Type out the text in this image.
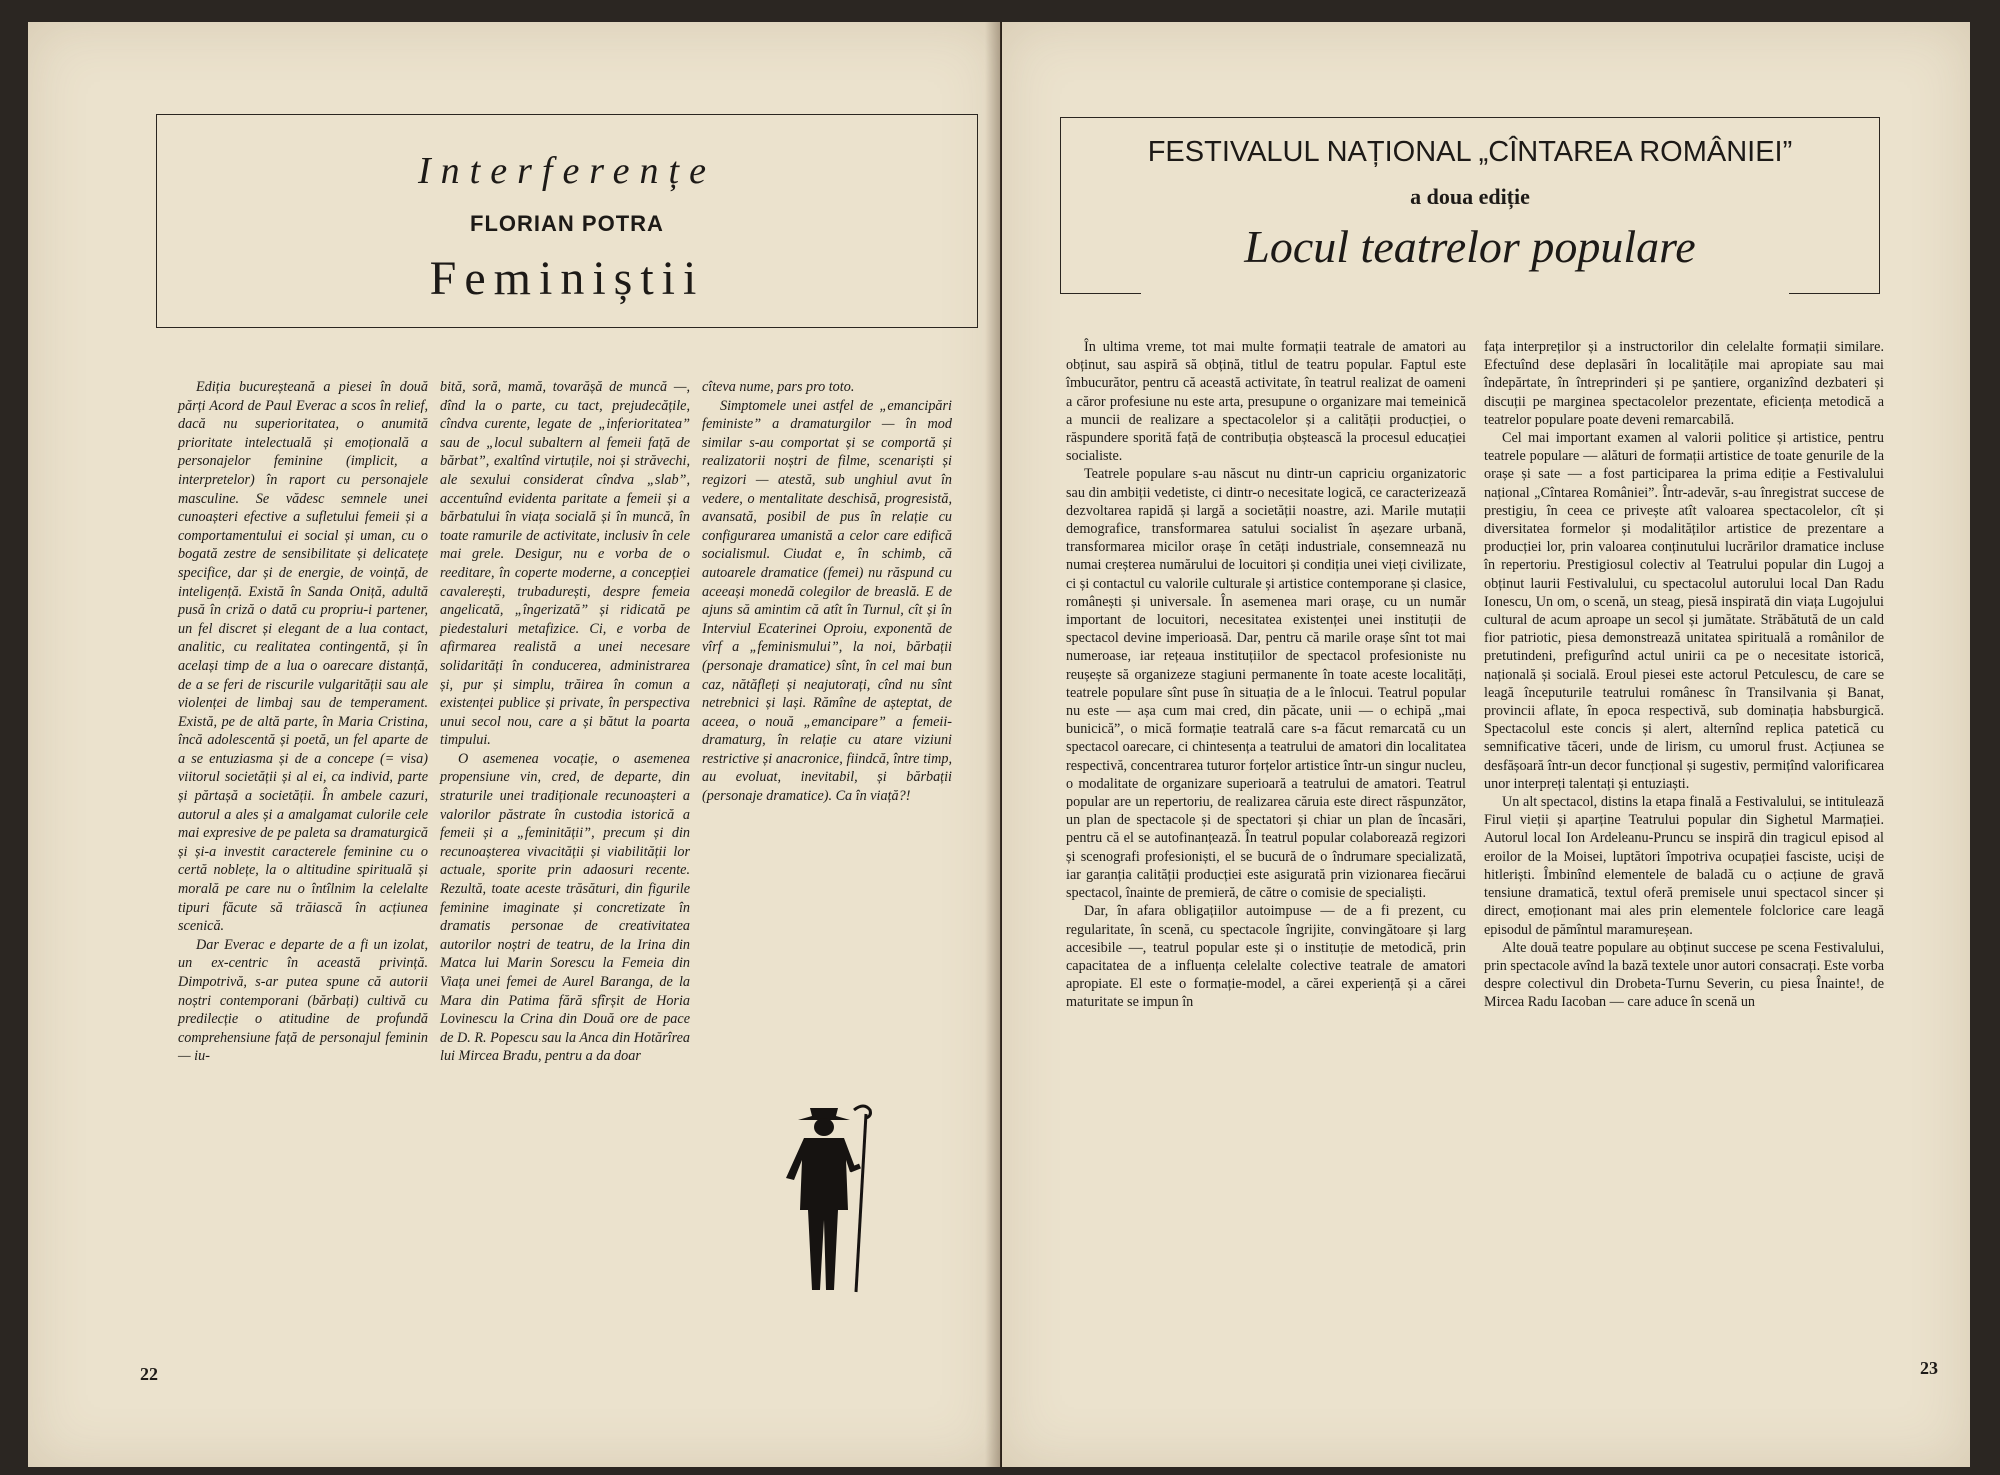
Interferențe
FLORIAN POTRA
Feminiștii

Ediția bucureșteană a piesei în două părți Acord de Paul Everac a scos în relief, dacă nu superioritatea, o anumită prioritate intelectuală și emoțională a personajelor feminine (implicit, a interpretelor) în raport cu personajele masculine. Se vădesc semnele unei cunoașteri efective a sufletului femeii și a comportamentului ei social și uman, cu o bogată zestre de sensibilitate și delicatețe specifice, dar și de energie, de voință, de inteligență. Există în Sanda Oniță, adultă pusă în criză o dată cu propriu-i partener, un fel discret și elegant de a lua contact, analitic, cu realitatea contingentă, și în același timp de a lua o oarecare distanță, de a se feri de riscurile vulgarității sau ale violenței de limbaj sau de temperament. Există, pe de altă parte, în Maria Cristina, încă adolescentă și poetă, un fel aparte de a se entuziasma și de a concepe (= visa) viitorul societății și al ei, ca individ, parte și părtașă a societății. În ambele cazuri, autorul a ales și a amalgamat culorile cele mai expresive de pe paleta sa dramaturgică și și-a investit caracterele feminine cu o certă noblețe, la o altitudine spirituală și morală pe care nu o întîlnim la celelalte tipuri făcute să trăiască în acțiunea scenică.

Dar Everac e departe de a fi un izolat, un ex-centric în această privință. Dimpotrivă, s-ar putea spune că autorii noștri contemporani (bărbați) cultivă cu predilecție o atitudine de profundă comprehensiune față de personajul feminin — iu-

bită, soră, mamă, tovarășă de muncă —, dînd la o parte, cu tact, prejudecățile, cîndva curente, legate de „inferioritatea” sau de „locul subaltern al femeii față de bărbat”, exaltînd virtuțile, noi și străvechi, ale sexului considerat cîndva „slab”, accentuînd evidenta paritate a femeii și a bărbatului în viața socială și în muncă, în toate ramurile de activitate, inclusiv în cele mai grele. Desigur, nu e vorba de o reeditare, în coperte moderne, a concepției cavalerești, trubadurești, despre femeia angelicată, „îngerizată” și ridicată pe piedestaluri metafizice. Ci, e vorba de afirmarea realistă a unei necesare solidarități în conducerea, administrarea și, pur și simplu, trăirea în comun a existenței publice și private, în perspectiva unui secol nou, care a și bătut la poarta timpului.

O asemenea vocație, o asemenea propensiune vin, cred, de departe, din straturile unei tradiționale recunoașteri a valorilor păstrate în custodia istorică a femeii și a „feminității”, precum și din recunoașterea vivacității și viabilității lor actuale, sporite prin adaosuri recente. Rezultă, toate aceste trăsături, din figurile feminine imaginate și concretizate în dramatis personae de creativitatea autorilor noștri de teatru, de la Irina din Matca lui Marin Sorescu la Femeia din Viața unei femei de Aurel Baranga, de la Mara din Patima fără sfîrșit de Horia Lovinescu la Crina din Două ore de pace de D. R. Popescu sau la Anca din Hotărîrea lui Mircea Bradu, pentru a da doar

cîteva nume, pars pro toto.

Simptomele unei astfel de „emancipări feministe” a dramaturgilor — în mod similar s-au comportat și se comportă și realizatorii noștri de filme, scenariști și regizori — atestă, sub unghiul avut în vedere, o mentalitate deschisă, progresistă, avansată, posibil de pus în relație cu configurarea umanistă a celor care edifică socialismul. Ciudat e, în schimb, că autoarele dramatice (femei) nu răspund cu aceeași monedă colegilor de breaslă. E de ajuns să amintim că atît în Turnul, cît și în Interviul Ecaterinei Oproiu, exponentă de vîrf a „feminismului”, la noi, bărbații (personaje dramatice) sînt, în cel mai bun caz, nătăfleți și neajutorați, cînd nu sînt netrebnici și lași. Rămîne de așteptat, de aceea, o nouă „emancipare” a femeii-dramaturg, în relație cu atare viziuni restrictive și anacronice, fiindcă, între timp, au evoluat, inevitabil, și bărbații (personaje dramatice). Ca în viață?!

22
FESTIVALUL NAȚIONAL „CÎNTAREA ROMÂNIEI”
a doua ediție
Locul teatrelor populare

În ultima vreme, tot mai multe formații teatrale de amatori au obținut, sau aspiră să obțină, titlul de teatru popular. Faptul este îmbucurător, pentru că această activitate, în teatrul realizat de oameni a căror profesiune nu este arta, presupune o organizare mai temeinică a muncii de realizare a spectacolelor și a calității producției, o răspundere sporită față de contribuția obștească la procesul educației socialiste.

Teatrele populare s-au născut nu dintr-un capriciu organizatoric sau din ambiții vedetiste, ci dintr-o necesitate logică, ce caracterizează dezvoltarea rapidă și largă a societății noastre, azi. Marile mutații demografice, transformarea satului socialist în așezare urbană, transformarea micilor orașe în cetăți industriale, consemnează nu numai creșterea numărului de locuitori și condiția unei vieți civilizate, ci și contactul cu valorile culturale și artistice contemporane și clasice, românești și universale. În asemenea mari orașe, cu un număr important de locuitori, necesitatea existenței unei instituții de spectacol devine imperioasă. Dar, pentru că marile orașe sînt tot mai numeroase, iar rețeaua instituțiilor de spectacol profesioniste nu reușește să organizeze stagiuni permanente în toate aceste localități, teatrele populare sînt puse în situația de a le înlocui. Teatrul popular nu este — așa cum mai cred, din păcate, unii — o echipă „mai bunicică”, o mică formație teatrală care s-a făcut remarcată cu un spectacol oarecare, ci chintesența a teatrului de amatori din localitatea respectivă, concentrarea tuturor forțelor artistice într-un singur nucleu, o modalitate de organizare superioară a teatrului de amatori. Teatrul popular are un repertoriu, de realizarea căruia este direct răspunzător, un plan de spectacole și de spectatori și chiar un plan de încasări, pentru că el se autofinanțează. În teatrul popular colaborează regizori și scenografi profesioniști, el se bucură de o îndrumare specializată, iar garanția calității producției este asigurată prin vizionarea fiecărui spectacol, înainte de premieră, de către o comisie de specialiști.

Dar, în afara obligațiilor autoimpuse — de a fi prezent, cu regularitate, în scenă, cu spectacole îngrijite, convingătoare și larg accesibile —, teatrul popular este și o instituție de metodică, prin capacitatea de a influența celelalte colective teatrale de amatori apropiate. El este o formație-model, a cărei experiență și a cărei maturitate se impun în

fața interpreților și a instructorilor din celelalte formații similare. Efectuînd dese deplasări în localitățile mai apropiate sau mai îndepărtate, în întreprinderi și pe șantiere, organizînd dezbateri și discuții pe marginea spectacolelor prezentate, eficiența metodică a teatrelor populare poate deveni remarcabilă.

Cel mai important examen al valorii politice și artistice, pentru teatrele populare — alături de formații artistice de toate genurile de la orașe și sate — a fost participarea la prima ediție a Festivalului național „Cîntarea României”. Într-adevăr, s-au înregistrat succese de prestigiu, în ceea ce privește atît valoarea spectacolelor, cît și diversitatea formelor și modalităților artistice de prezentare a producției lor, prin valoarea conținutului lucrărilor dramatice incluse în repertoriu. Prestigiosul colectiv al Teatrului popular din Lugoj a obținut laurii Festivalului, cu spectacolul autorului local Dan Radu Ionescu, Un om, o scenă, un steag, piesă inspirată din viața Lugojului cultural de acum aproape un secol și jumătate. Străbătută de un cald fior patriotic, piesa demonstrează unitatea spirituală a românilor de pretutindeni, prefigurînd actul unirii ca pe o necesitate istorică, națională și socială. Eroul piesei este actorul Petculescu, de care se leagă începuturile teatrului românesc în Transilvania și Banat, provincii aflate, în epoca respectivă, sub dominația habsburgică. Spectacolul este concis și alert, alternînd replica patetică cu semnificative tăceri, unde de lirism, cu umorul frust. Acțiunea se desfășoară într-un decor funcțional și sugestiv, permițînd valorificarea unor interpreți talentați și entuziaști.

Un alt spectacol, distins la etapa finală a Festivalului, se intitulează Firul vieții și aparține Teatrului popular din Sighetul Marmației. Autorul local Ion Ardeleanu-Pruncu se inspiră din tragicul episod al eroilor de la Moisei, luptători împotriva ocupației fasciste, uciși de hitleriști. Îmbinînd elementele de baladă cu o acțiune de gravă tensiune dramatică, textul oferă premisele unui spectacol sincer și direct, emoționant mai ales prin elementele folclorice care leagă episodul de pămîntul maramureșean.

Alte două teatre populare au obținut succese pe scena Festivalului, prin spectacole avînd la bază textele unor autori consacrați. Este vorba despre colectivul din Drobeta-Turnu Severin, cu piesa Înainte!, de Mircea Radu Iacoban — care aduce în scenă un

23
